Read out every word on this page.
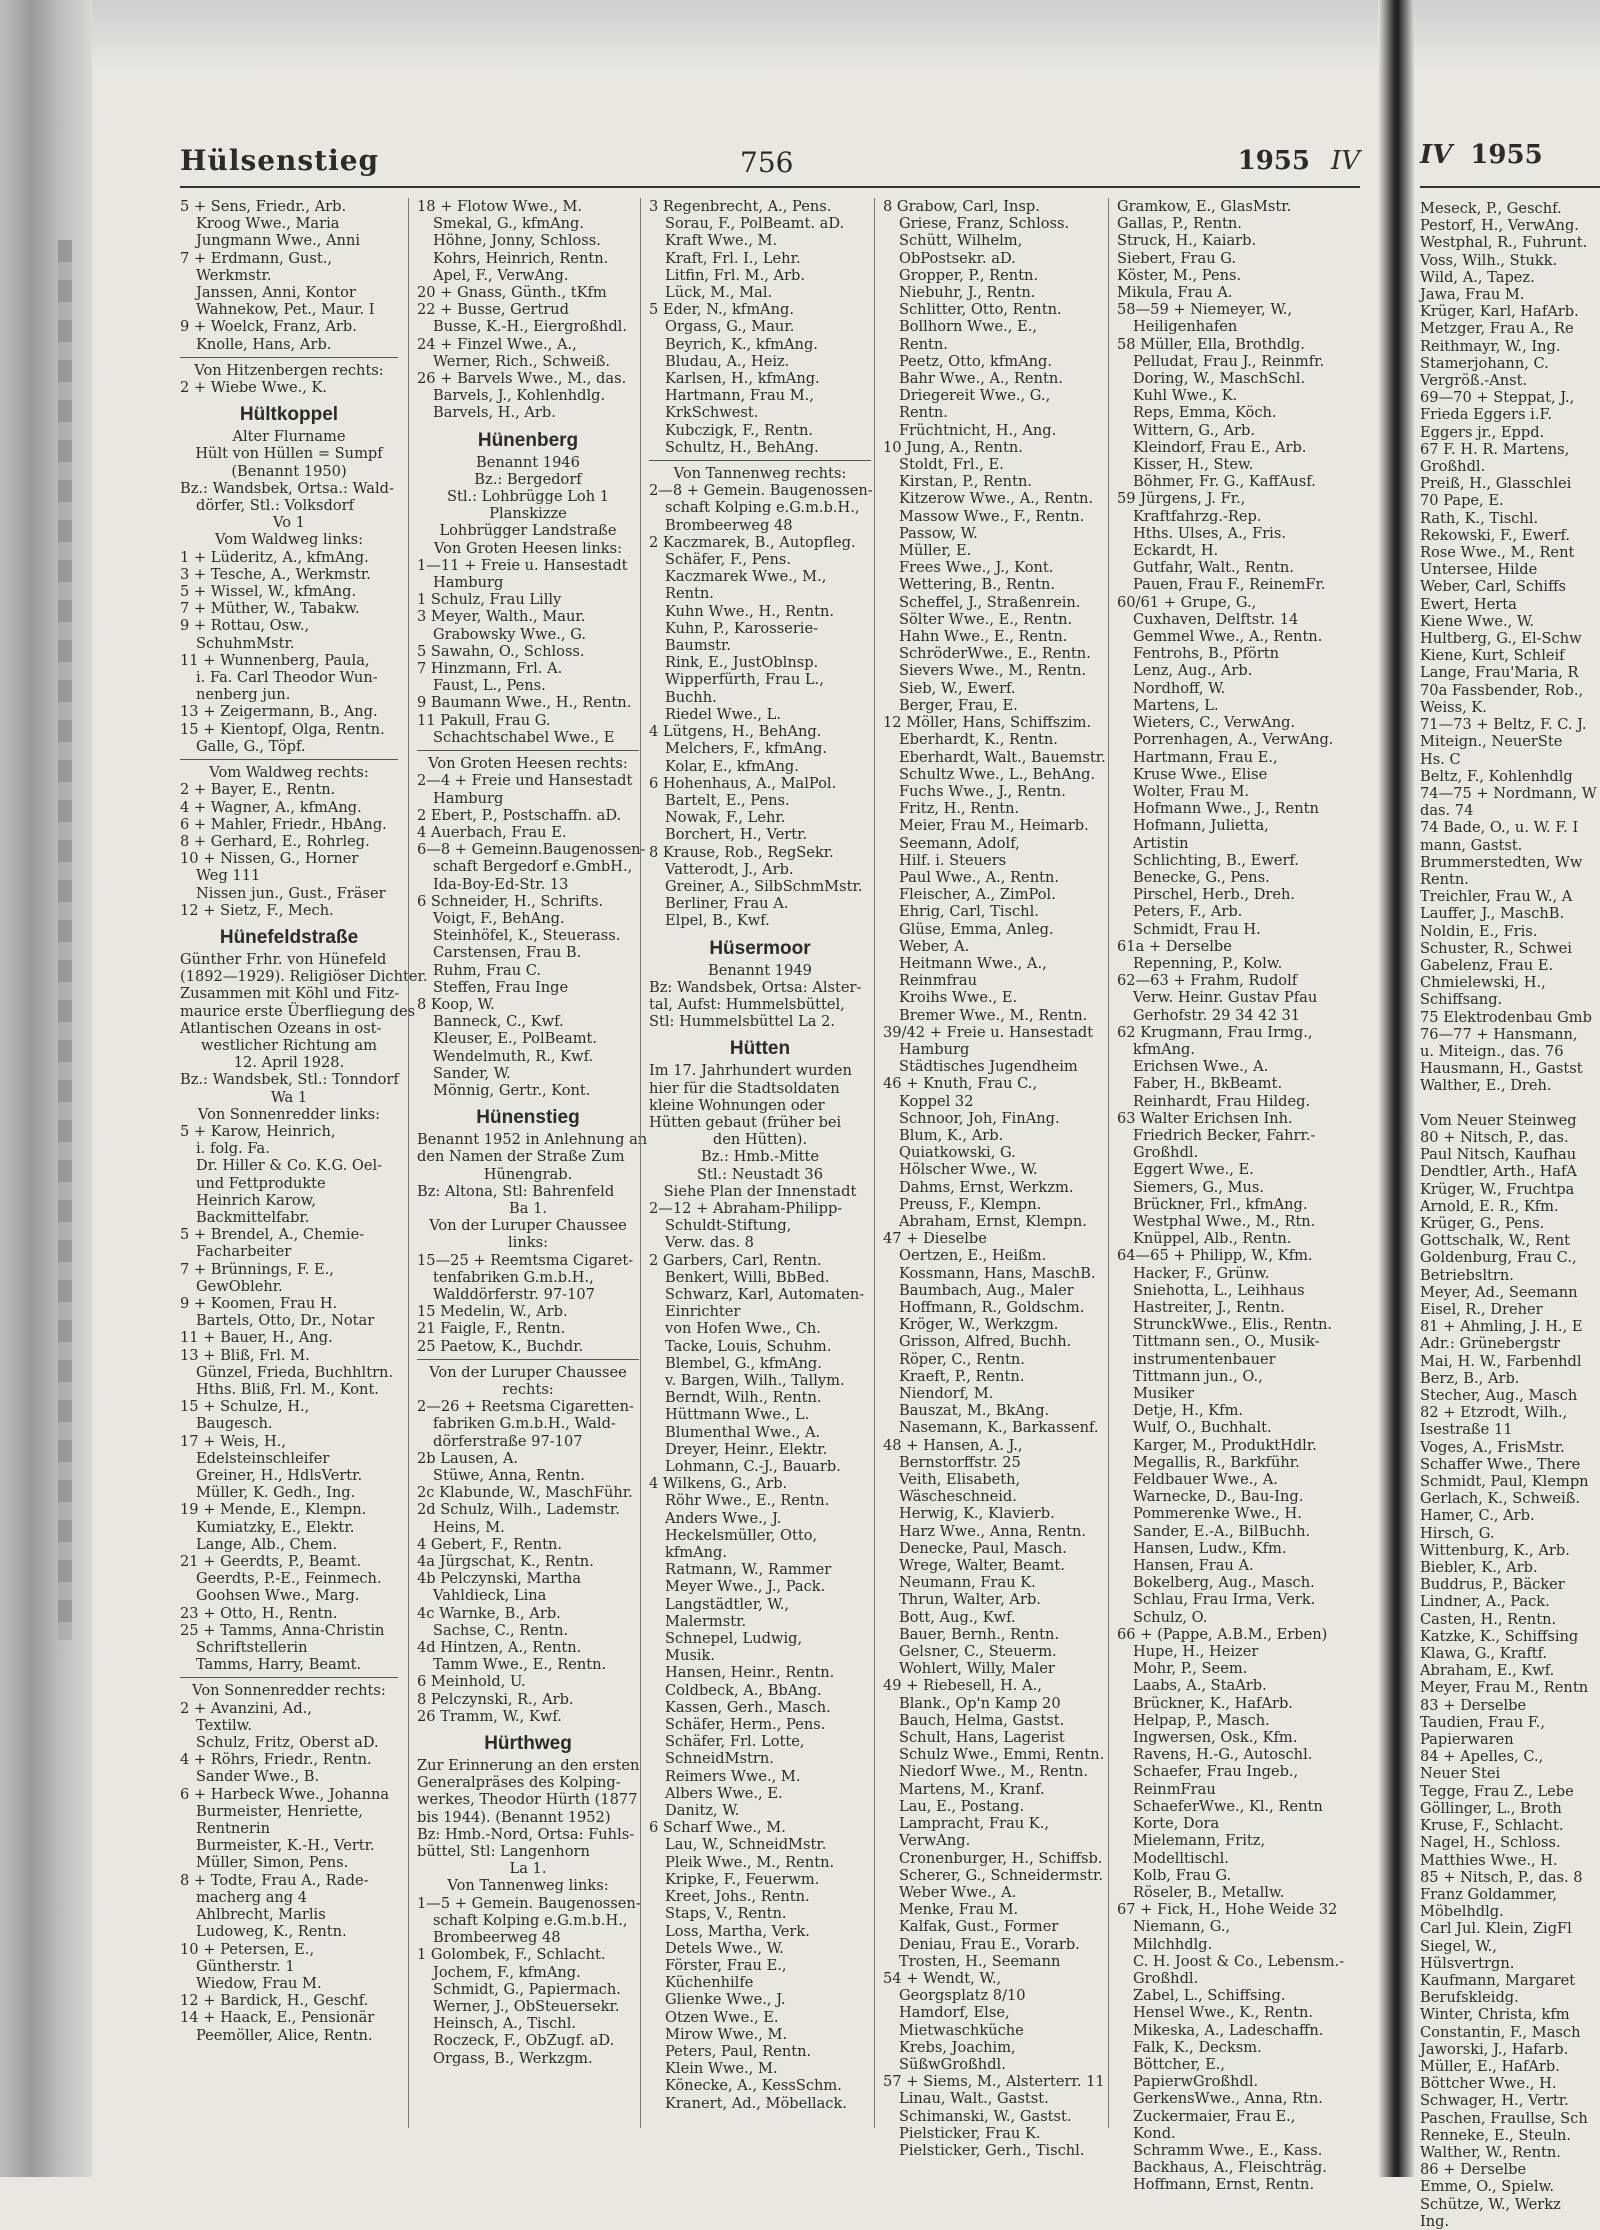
Hülsenstieg	756	1955 IV
5 + Sens, Friedr., Arb.
Kroog Wwe., Maria
Jungmann Wwe., Anni
7 + Erdmann, Gust.,
Werkmstr.
Janssen, Anni, Kontor
Wahnekow, Pet., Maur. I
9 + Woelck, Franz, Arb.
Knolle, Hans, Arb.
Von Hitzenbergen rechts:
2 + Wiebe Wwe., K.
Hültkoppel
Alter Flurname
Hült von Hüllen = Sumpf
(Benannt 1950)
Bz.: Wandsbek, Ortsa.: Wald-
dörfer, Stl.: Volksdorf
Vo 1
Vom Waldweg links:
1 + Lüderitz, A., kfmAng.
3 + Tesche, A., Werkmstr.
5 + Wissel, W., kfmAng.
7 + Müther, W., Tabakw.
9 + Rottau, Osw.,
SchuhmMstr.
11 + Wunnenberg, Paula,
i. Fa. Carl Theodor Wun-
nenberg jun.
13 + Zeigermann, B., Ang.
15 + Kientopf, Olga, Rentn.
Galle, G., Töpf.
Vom Waldweg rechts:
2 + Bayer, E., Rentn.
4 + Wagner, A., kfmAng.
6 + Mahler, Friedr., HbAng.
8 + Gerhard, E., Rohrleg.
10 + Nissen, G., Horner
Weg 111
Nissen jun., Gust., Fräser
12 + Sietz, F., Mech.
Hünefeldstraße
Günther Frhr. von Hünefeld
(1892—1929). Religiöser Dichter.
Zusammen mit Köhl und Fitz-
maurice erste Überfliegung des
Atlantischen Ozeans in ost-
westlicher Richtung am
12. April 1928.
Bz.: Wandsbek, Stl.: Tonndorf
Wa 1
Von Sonnenredder links:
5 + Karow, Heinrich,
i. folg. Fa.
Dr. Hiller & Co. K.G. Oel-
und Fettprodukte
Heinrich Karow,
Backmittelfabr.
5 + Brendel, A., Chemie-
Facharbeiter
7 + Brünnings, F. E.,
GewOblehr.
9 + Koomen, Frau H.
Bartels, Otto, Dr., Notar
11 + Bauer, H., Ang.
13 + Bliß, Frl. M.
Günzel, Frieda, Buchhltrn.
Hths. Bliß, Frl. M., Kont.
15 + Schulze, H.,
Baugesch.
17 + Weis, H.,
Edelsteinschleifer
Greiner, H., HdlsVertr.
Müller, K. Gedh., Ing.
19 + Mende, E., Klempn.
Kumiatzky, E., Elektr.
Lange, Alb., Chem.
21 + Geerdts, P., Beamt.
Geerdts, P.-E., Feinmech.
Goohsen Wwe., Marg.
23 + Otto, H., Rentn.
25 + Tamms, Anna-Christin
Schriftstellerin
Tamms, Harry, Beamt.
Von Sonnenredder rechts:
2 + Avanzini, Ad.,
Textilw.
Schulz, Fritz, Oberst aD.
4 + Röhrs, Friedr., Rentn.
Sander Wwe., B.
6 + Harbeck Wwe., Johanna
Burmeister, Henriette,
Rentnerin
Burmeister, K.-H., Vertr.
Müller, Simon, Pens.
8 + Todte, Frau A., Rade-
macherg ang 4
Ahlbrecht, Marlis
Ludoweg, K., Rentn.
10 + Petersen, E.,
Güntherstr. 1
Wiedow, Frau M.
12 + Bardick, H., Geschf.
14 + Haack, E., Pensionär
Peemöller, Alice, Rentn.
18 + Flotow Wwe., M.
Smekal, G., kfmAng.
Höhne, Jonny, Schloss.
Kohrs, Heinrich, Rentn.
Apel, F., VerwAng.
20 + Gnass, Günth., tKfm
22 + Busse, Gertrud
Busse, K.-H., Eiergroßhdl.
24 + Finzel Wwe., A.,
Werner, Rich., Schweiß.
26 + Barvels Wwe., M., das.
Barvels, J., Kohlenhdlg.
Barvels, H., Arb.
Hünenberg
Benannt 1946
Bz.: Bergedorf
Stl.: Lohbrügge Loh 1
Planskizze
Lohbrügger Landstraße
Von Groten Heesen links:
1—11 + Freie u. Hansestadt
Hamburg
1 Schulz, Frau Lilly
3 Meyer, Walth., Maur.
Grabowsky Wwe., G.
5 Sawahn, O., Schloss.
7 Hinzmann, Frl. A.
Faust, L., Pens.
9 Baumann Wwe., H., Rentn.
11 Pakull, Frau G.
Schachtschabel Wwe., E
Von Groten Heesen rechts:
2—4 + Freie und Hansestadt
Hamburg
2 Ebert, P., Postschaffn. aD.
4 Auerbach, Frau E.
6—8 + Gemeinn.Baugenossen-
schaft Bergedorf e.GmbH.,
Ida-Boy-Ed-Str. 13
6 Schneider, H., Schrifts.
Voigt, F., BehAng.
Steinhöfel, K., Steuerass.
Carstensen, Frau B.
Ruhm, Frau C.
Steffen, Frau Inge
8 Koop, W.
Banneck, C., Kwf.
Kleuser, E., PolBeamt.
Wendelmuth, R., Kwf.
Sander, W.
Mönnig, Gertr., Kont.
Hünenstieg
Benannt 1952 in Anlehnung an
den Namen der Straße Zum
Hünengrab.
Bz: Altona, Stl: Bahrenfeld
Ba 1.
Von der Luruper Chaussee
links:
15—25 + Reemtsma Cigaret-
tenfabriken G.m.b.H.,
Walddörferstr. 97-107
15 Medelin, W., Arb.
21 Faigle, F., Rentn.
25 Paetow, K., Buchdr.
Von der Luruper Chaussee
rechts:
2—26 + Reetsma Cigaretten-
fabriken G.m.b.H., Wald-
dörferstraße 97-107
2b Lausen, A.
Stüwe, Anna, Rentn.
2c Klabunde, W., MaschFühr.
2d Schulz, Wilh., Lademstr.
Heins, M.
4 Gebert, F., Rentn.
4a Jürgschat, K., Rentn.
4b Pelczynski, Martha
Vahldieck, Lina
4c Warnke, B., Arb.
Sachse, C., Rentn.
4d Hintzen, A., Rentn.
Tamm Wwe., E., Rentn.
6 Meinhold, U.
8 Pelczynski, R., Arb.
26 Tramm, W., Kwf.
Hürthweg
Zur Erinnerung an den ersten
Generalpräses des Kolping-
werkes, Theodor Hürth (1877
bis 1944). (Benannt 1952)
Bz: Hmb.-Nord, Ortsa: Fuhls-
büttel, Stl: Langenhorn
La 1.
Von Tannenweg links:
1—5 + Gemein. Baugenossen-
schaft Kolping e.G.m.b.H.,
Brombeerweg 48
1 Golombek, F., Schlacht.
Jochem, F., kfmAng.
Schmidt, G., Papiermach.
Werner, J., ObSteuersekr.
Heinsch, A., Tischl.
Roczeck, F., ObZugf. aD.
Orgass, B., Werkzgm.
3 Regenbrecht, A., Pens.
Sorau, F., PolBeamt. aD.
Kraft Wwe., M.
Kraft, Frl. I., Lehr.
Litfin, Frl. M., Arb.
Lück, M., Mal.
5 Eder, N., kfmAng.
Orgass, G., Maur.
Beyrich, K., kfmAng.
Bludau, A., Heiz.
Karlsen, H., kfmAng.
Hartmann, Frau M.,
KrkSchwest.
Kubczigk, F., Rentn.
Schultz, H., BehAng.
Von Tannenweg rechts:
2—8 + Gemein. Baugenossen-
schaft Kolping e.G.m.b.H.,
Brombeerweg 48
2 Kaczmarek, B., Autopfleg.
Schäfer, F., Pens.
Kaczmarek Wwe., M.,
Rentn.
Kuhn Wwe., H., Rentn.
Kuhn, P., Karosserie-
Baumstr.
Rink, E., JustOblnsp.
Wipperfürth, Frau L.,
Buchh.
Riedel Wwe., L.
4 Lütgens, H., BehAng.
Melchers, F., kfmAng.
Kolar, E., kfmAng.
6 Hohenhaus, A., MalPol.
Bartelt, E., Pens.
Nowak, F., Lehr.
Borchert, H., Vertr.
8 Krause, Rob., RegSekr.
Vatterodt, J., Arb.
Greiner, A., SilbSchmMstr.
Berliner, Frau A.
Elpel, B., Kwf.
Hüsermoor
Benannt 1949
Bz: Wandsbek, Ortsa: Alster-
tal, Aufst: Hummelsbüttel,
Stl: Hummelsbüttel La 2.
Hütten
Im 17. Jahrhundert wurden
hier für die Stadtsoldaten
kleine Wohnungen oder
Hütten gebaut (früher bei
den Hütten).
Bz.: Hmb.-Mitte
Stl.: Neustadt 36
Siehe Plan der Innenstadt
2—12 + Abraham-Philipp-
Schuldt-Stiftung,
Verw. das. 8
2 Garbers, Carl, Rentn.
Benkert, Willi, BbBed.
Schwarz, Karl, Automaten-
Einrichter
von Hofen Wwe., Ch.
Tacke, Louis, Schuhm.
Blembel, G., kfmAng.
v. Bargen, Wilh., Tallym.
Berndt, Wilh., Rentn.
Hüttmann Wwe., L.
Blumenthal Wwe., A.
Dreyer, Heinr., Elektr.
Lohmann, C.-J., Bauarb.
4 Wilkens, G., Arb.
Röhr Wwe., E., Rentn.
Anders Wwe., J.
Heckelsmüller, Otto,
kfmAng.
Ratmann, W., Rammer
Meyer Wwe., J., Pack.
Langstädtler, W.,
Malermstr.
Schnepel, Ludwig,
Musik.
Hansen, Heinr., Rentn.
Coldbeck, A., BbAng.
Kassen, Gerh., Masch.
Schäfer, Herm., Pens.
Schäfer, Frl. Lotte,
SchneidMstrn.
Reimers Wwe., M.
Albers Wwe., E.
Danitz, W.
6 Scharf Wwe., M.
Lau, W., SchneidMstr.
Pleik Wwe., M., Rentn.
Kripke, F., Feuerwm.
Kreet, Johs., Rentn.
Staps, V., Rentn.
Loss, Martha, Verk.
Detels Wwe., W.
Förster, Frau E.,
Küchenhilfe
Glienke Wwe., J.
Otzen Wwe., E.
Mirow Wwe., M.
Peters, Paul, Rentn.
Klein Wwe., M.
Könecke, A., KessSchm.
Kranert, Ad., Möbellack.
8 Grabow, Carl, Insp.
Griese, Franz, Schloss.
Schütt, Wilhelm,
ObPostsekr. aD.
Gropper, P., Rentn.
Niebuhr, J., Rentn.
Schlitter, Otto, Rentn.
Bollhorn Wwe., E.,
Rentn.
Peetz, Otto, kfmAng.
Bahr Wwe., A., Rentn.
Driegereit Wwe., G.,
Rentn.
Früchtnicht, H., Ang.
10 Jung, A., Rentn.
Stoldt, Frl., E.
Kirstan, P., Rentn.
Kitzerow Wwe., A., Rentn.
Massow Wwe., F., Rentn.
Passow, W.
Müller, E.
Frees Wwe., J., Kont.
Wettering, B., Rentn.
Scheffel, J., Straßenrein.
Sölter Wwe., E., Rentn.
Hahn Wwe., E., Rentn.
SchröderWwe., E., Rentn.
Sievers Wwe., M., Rentn.
Sieb, W., Ewerf.
Berger, Frau, E.
12 Möller, Hans, Schiffszim.
Eberhardt, K., Rentn.
Eberhardt, Walt., Bauemstr.
Schultz Wwe., L., BehAng.
Fuchs Wwe., J., Rentn.
Fritz, H., Rentn.
Meier, Frau M., Heimarb.
Seemann, Adolf,
Hilf. i. Steuers
Paul Wwe., A., Rentn.
Fleischer, A., ZimPol.
Ehrig, Carl, Tischl.
Glüse, Emma, Anleg.
Weber, A.
Heitmann Wwe., A.,
Reinmfrau
Kroihs Wwe., E.
Bremer Wwe., M., Rentn.
39/42 + Freie u. Hansestadt
Hamburg
Städtisches Jugendheim
46 + Knuth, Frau C.,
Koppel 32
Schnoor, Joh, FinAng.
Blum, K., Arb.
Quiatkowski, G.
Hölscher Wwe., W.
Dahms, Ernst, Werkzm.
Preuss, F., Klempn.
Abraham, Ernst, Klempn.
47 + Dieselbe
Oertzen, E., Heißm.
Kossmann, Hans, MaschB.
Baumbach, Aug., Maler
Hoffmann, R., Goldschm.
Kröger, W., Werkzgm.
Grisson, Alfred, Buchh.
Röper, C., Rentn.
Kraeft, P., Rentn.
Niendorf, M.
Bauszat, M., BkAng.
Nasemann, K., Barkassenf.
48 + Hansen, A. J.,
Bernstorffstr. 25
Veith, Elisabeth,
Wäscheschneid.
Herwig, K., Klavierb.
Harz Wwe., Anna, Rentn.
Denecke, Paul, Masch.
Wrege, Walter, Beamt.
Neumann, Frau K.
Thrun, Walter, Arb.
Bott, Aug., Kwf.
Bauer, Bernh., Rentn.
Gelsner, C., Steuerm.
Wohlert, Willy, Maler
49 + Riebesell, H. A.,
Blank., Op'n Kamp 20
Bauch, Helma, Gastst.
Schult, Hans, Lagerist
Schulz Wwe., Emmi, Rentn.
Niedorf Wwe., M., Rentn.
Martens, M., Kranf.
Lau, E., Postang.
Lampracht, Frau K.,
VerwAng.
Cronenburger, H., Schiffsb.
Scherer, G., Schneidermstr.
Weber Wwe., A.
Menke, Frau M.
Kalfak, Gust., Former
Deniau, Frau E., Vorarb.
Trosten, H., Seemann
54 + Wendt, W.,
Georgsplatz 8/10
Hamdorf, Else,
Mietwaschküche
Krebs, Joachim,
SüßwGroßhdl.
57 + Siems, M., Alsterterr. 11
Linau, Walt., Gastst.
Schimanski, W., Gastst.
Pielsticker, Frau K.
Pielsticker, Gerh., Tischl.
Gramkow, E., GlasMstr.
Gallas, P., Rentn.
Struck, H., Kaiarb.
Siebert, Frau G.
Köster, M., Pens.
Mikula, Frau A.
58—59 + Niemeyer, W.,
Heiligenhafen
58 Müller, Ella, Brothdlg.
Pelludat, Frau J., Reinmfr.
Doring, W., MaschSchl.
Kuhl Wwe., K.
Reps, Emma, Köch.
Wittern, G., Arb.
Kleindorf, Frau E., Arb.
Kisser, H., Stew.
Böhmer, Fr. G., KaffAusf.
59 Jürgens, J. Fr.,
Kraftfahrzg.-Rep.
Hths. Ulses, A., Fris.
Eckardt, H.
Gutfahr, Walt., Rentn.
Pauen, Frau F., ReinemFr.
60/61 + Grupe, G.,
Cuxhaven, Delftstr. 14
Gemmel Wwe., A., Rentn.
Fentrohs, B., Pförtn
Lenz, Aug., Arb.
Nordhoff, W.
Martens, L.
Wieters, C., VerwAng.
Porrenhagen, A., VerwAng.
Hartmann, Frau E.,
Kruse Wwe., Elise
Wolter, Frau M.
Hofmann Wwe., J., Rentn
Hofmann, Julietta,
Artistin
Schlichting, B., Ewerf.
Benecke, G., Pens.
Pirschel, Herb., Dreh.
Peters, F., Arb.
Schmidt, Frau H.
61a + Derselbe
Repenning, P., Kolw.
62—63 + Frahm, Rudolf
Verw. Heinr. Gustav Pfau
Gerhofstr. 29 34 42 31
62 Krugmann, Frau Irmg.,
kfmAng.
Erichsen Wwe., A.
Faber, H., BkBeamt.
Reinhardt, Frau Hildeg.
63 Walter Erichsen Inh.
Friedrich Becker, Fahrr.-
Großhdl.
Eggert Wwe., E.
Siemers, G., Mus.
Brückner, Frl., kfmAng.
Westphal Wwe., M., Rtn.
Knüppel, Alb., Rentn.
64—65 + Philipp, W., Kfm.
Hacker, F., Grünw.
Sniehotta, L., Leihhaus
Hastreiter, J., Rentn.
StrunckWwe., Elis., Rentn.
Tittmann sen., O., Musik-
instrumentenbauer
Tittmann jun., O.,
Musiker
Detje, H., Kfm.
Wulf, O., Buchhalt.
Karger, M., ProduktHdlr.
Megallis, R., Barkführ.
Feldbauer Wwe., A.
Warnecke, D., Bau-Ing.
Pommerenke Wwe., H.
Sander, E.-A., BilBuchh.
Hansen, Ludw., Kfm.
Hansen, Frau A.
Bokelberg, Aug., Masch.
Schlau, Frau Irma, Verk.
Schulz, O.
66 + (Pappe, A.B.M., Erben)
Hupe, H., Heizer
Mohr, P., Seem.
Laabs, A., StaArb.
Brückner, K., HafArb.
Helpap, P., Masch.
Ingwersen, Osk., Kfm.
Ravens, H.-G., Autoschl.
Schaefer, Frau Ingeb.,
ReinmFrau
SchaeferWwe., Kl., Rentn
Korte, Dora
Mielemann, Fritz,
Modelltischl.
Kolb, Frau G.
Röseler, B., Metallw.
67 + Fick, H., Hohe Weide 32
Niemann, G.,
Milchhdlg.
C. H. Joost & Co., Lebensm.-
Großhdl.
Zabel, L., Schiffsing.
Hensel Wwe., K., Rentn.
Mikeska, A., Ladeschaffn.
Falk, K., Decksm.
Böttcher, E.,
PapierwGroßhdl.
GerkensWwe., Anna, Rtn.
Zuckermaier, Frau E.,
Kond.
Schramm Wwe., E., Kass.
Backhaus, A., Fleischträg.
Hoffmann, Ernst, Rentn.
IV 1955
Meseck, P., Geschf.
Pestorf, H., VerwAng.
Westphal, R., Fuhrunt.
Voss, Wilh., Stukk.
Wild, A., Tapez.
Jawa, Frau M.
Krüger, Karl, HafArb.
Metzger, Frau A., Re
Reithmayr, W., Ing.
Stamerjohann, C.
Vergröß.-Anst.
69—70 + Steppat, J.,
Frieda Eggers i.F.
Eggers jr., Eppd.
67 F. H. R. Martens,
Großhdl.
Preiß, H., Glasschlei
70 Pape, E.
Rath, K., Tischl.
Rekowski, F., Ewerf.
Rose Wwe., M., Rent
Untersee, Hilde
Weber, Carl, Schiffs
Ewert, Herta
Kiene Wwe., W.
Hultberg, G., El-Schw
Kiene, Kurt, Schleif
Lange, Frau'Maria, R
70a Fassbender, Rob.,
Weiss, K.
71—73 + Beltz, F. C. J.
Miteign., NeuerSte
Hs. C
Beltz, F., Kohlenhdlg
74—75 + Nordmann, W
das. 74
74 Bade, O., u. W. F. I
mann, Gastst.
Brummerstedten, Ww
Rentn.
Treichler, Frau W., A
Lauffer, J., MaschB.
Noldin, E., Fris.
Schuster, R., Schwei
Gabelenz, Frau E.
Chmielewski, H.,
Schiffsang.
75 Elektrodenbau Gmb
76—77 + Hansmann,
u. Miteign., das. 76
Hausmann, H., Gastst
Walther, E., Dreh.

Vom Neuer Steinweg
80 + Nitsch, P., das.
Paul Nitsch, Kaufhau
Dendtler, Arth., HafA
Krüger, W., Fruchtpa
Arnold, E. R., Kfm.
Krüger, G., Pens.
Gottschalk, W., Rent
Goldenburg, Frau C.,
Betriebsltrn.
Meyer, Ad., Seemann
Eisel, R., Dreher
81 + Ahmling, J. H., E
Adr.: Grünebergstr
Mai, H. W., Farbenhdl
Berz, B., Arb.
Stecher, Aug., Masch
82 + Etzrodt, Wilh.,
Isestraße 11
Voges, A., FrisMstr.
Schaffer Wwe., There
Schmidt, Paul, Klempn
Gerlach, K., Schweiß.
Hamer, C., Arb.
Hirsch, G.
Wittenburg, K., Arb.
Biebler, K., Arb.
Buddrus, P., Bäcker
Lindner, A., Pack.
Casten, H., Rentn.
Katzke, K., Schiffsing
Klawa, G., Kraftf.
Abraham, E., Kwf.
Meyer, Frau M., Rentn
83 + Derselbe
Taudien, Frau F.,
Papierwaren
84 + Apelles, C.,
Neuer Stei
Tegge, Frau Z., Lebe
Göllinger, L., Broth
Kruse, F., Schlacht.
Nagel, H., Schloss.
Matthies Wwe., H.
85 + Nitsch, P., das. 8
Franz Goldammer,
Möbelhdlg.
Carl Jul. Klein, ZigFl
Siegel, W.,
Hülsvertrgn.
Kaufmann, Margaret
Berufskleidg.
Winter, Christa, kfm
Constantin, F., Masch
Jaworski, J., Hafarb.
Müller, E., HafArb.
Böttcher Wwe., H.
Schwager, H., Vertr.
Paschen, Fraullse, Sch
Renneke, E., Steuln.
Walther, W., Rentn.
86 + Derselbe
Emme, O., Spielw.
Schütze, W., Werkz
Ing.
